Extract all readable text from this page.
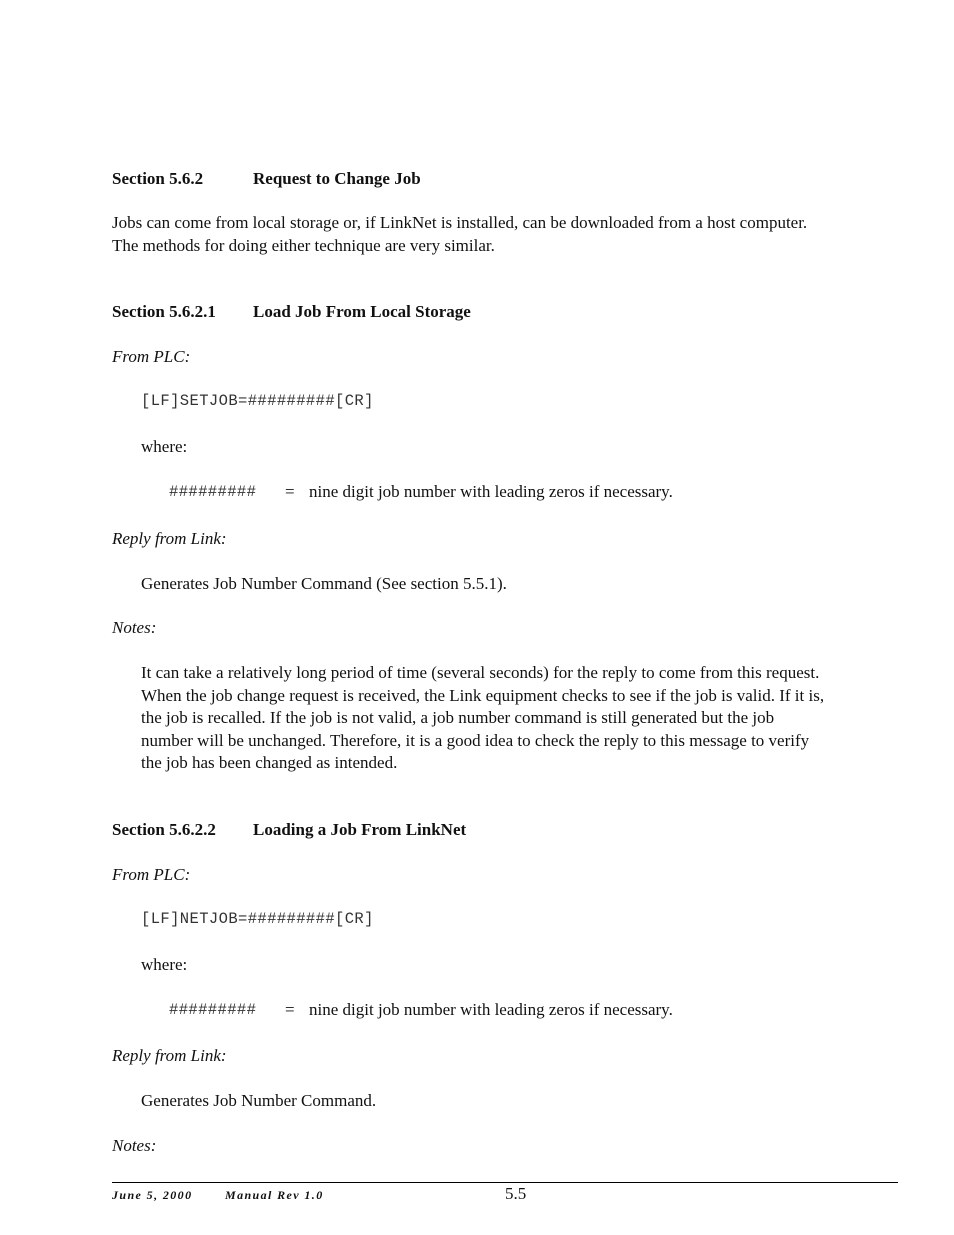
Section 5.6.2	Request to Change Job
Jobs can come from local storage or, if LinkNet is installed, can be downloaded from a host computer.
The methods for doing either technique are very similar.
Section 5.6.2.1 Load Job From Local Storage
From PLC:
[LF]SETJOB=#########[CR]
where:
######### = nine digit job number with leading zeros if necessary.
Reply from Link:
Generates Job Number Command (See section 5.5.1).
Notes:
It can take a relatively long period of time (several seconds) for the reply to come from this request.
When the job change request is received, the Link equipment checks to see if the job is valid. If it is,
the job is recalled. If the job is not valid, a job number command is still generated but the job
number will be unchanged. Therefore, it is a good idea to check the reply to this message to verify
the job has been changed as intended.
Section 5.6.2.2 Loading a Job From LinkNet
From PLC:
[LF]NETJOB=#########[CR]
where:
######### = nine digit job number with leading zeros if necessary.
Reply from Link:
Generates Job Number Command.
Notes:
June 5, 2000	Manual Rev 1.0	5.5
